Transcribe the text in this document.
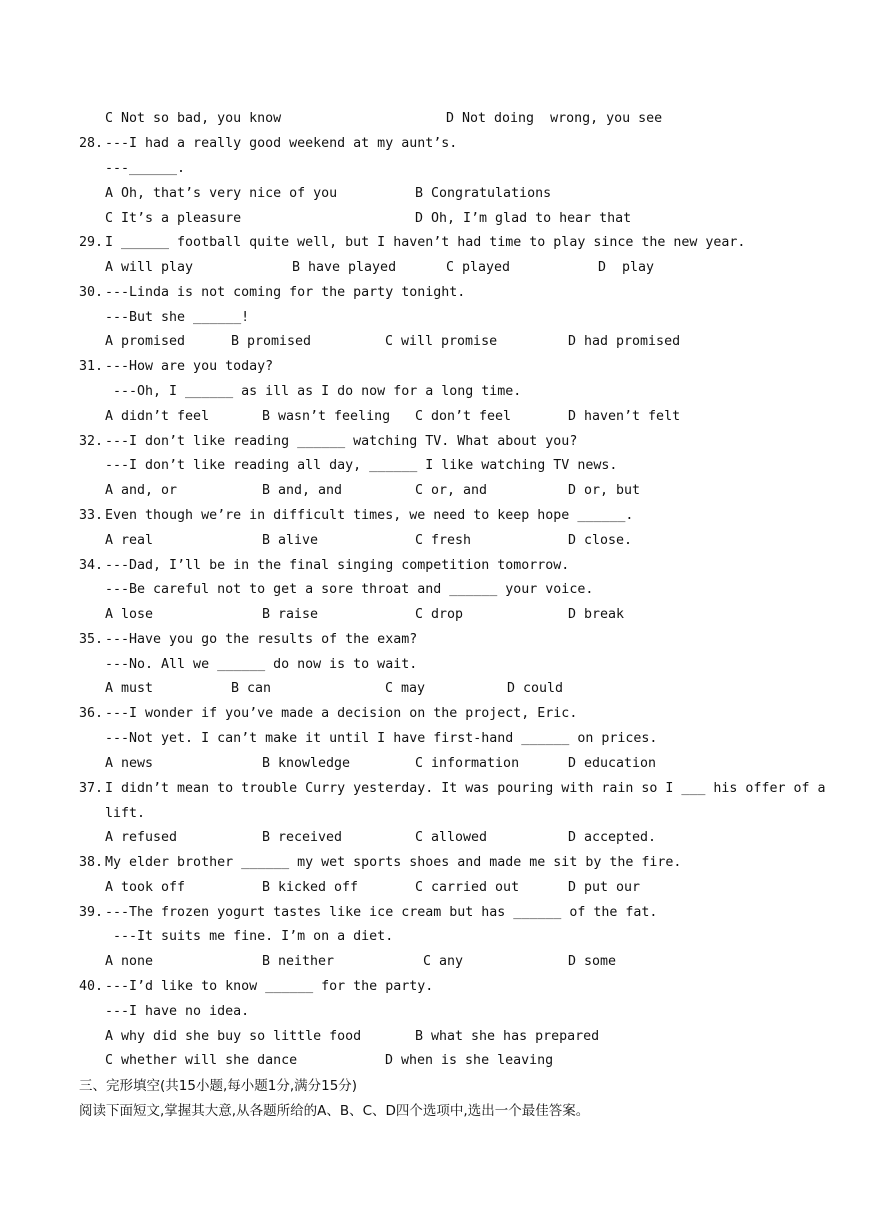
C Not so bad, you know	D Not doing  wrong, you see
28. ---I had a really good weekend at my aunt’s.
---______.
A Oh, that’s very nice of you	B Congratulations
C It’s a pleasure	D Oh, I’m glad to hear that
29. I ______ football quite well, but I haven’t had time to play since the new year.
A will play	B have played	C played	D  play
30. ---Linda is not coming for the party tonight.
---But she ______!
A promised	B promised	C will promise	D had promised
31. ---How are you today?
---Oh, I ______ as ill as I do now for a long time.
A didn’t feel	B wasn’t feeling C don’t feel	D haven’t felt
32. ---I don’t like reading ______ watching TV. What about you?
---I don’t like reading all day, ______ I like watching TV news.
A and, or	B and, and	C or, and	D or, but
33. Even though we’re in difficult times, we need to keep hope ______.
A real	B alive	C fresh	D close.
34. ---Dad, I’ll be in the final singing competition tomorrow.
---Be careful not to get a sore throat and ______ your voice.
A lose	B raise	C drop	D break
35. ---Have you go the results of the exam?
---No. All we ______ do now is to wait.
A must	B can	C may	D could
36. ---I wonder if you’ve made a decision on the project, Eric.
---Not yet. I can’t make it until I have first-hand ______ on prices.
A news	B knowledge	C information	D education
37. I didn’t mean to trouble Curry yesterday. It was pouring with rain so I ___ his offer of a
lift.
A refused	B received	C allowed	D accepted.
38. My elder brother ______ my wet sports shoes and made me sit by the fire.
A took off	B kicked off	C carried out	D put our
39. ---The frozen yogurt tastes like ice cream but has ______ of the fat.
---It suits me fine. I’m on a diet.
A none	B neither	C any	D some
40. ---I’d like to know ______ for the party.
---I have no idea.
A why did she buy so little food	B what she has prepared
C whether will she dance	D when is she leaving
三、完形填空(共15小题,每小题1分,满分15分)
阅读下面短文,掌握其大意,从各题所给的A、B、C、D四个选项中,选出一个最佳答案。
